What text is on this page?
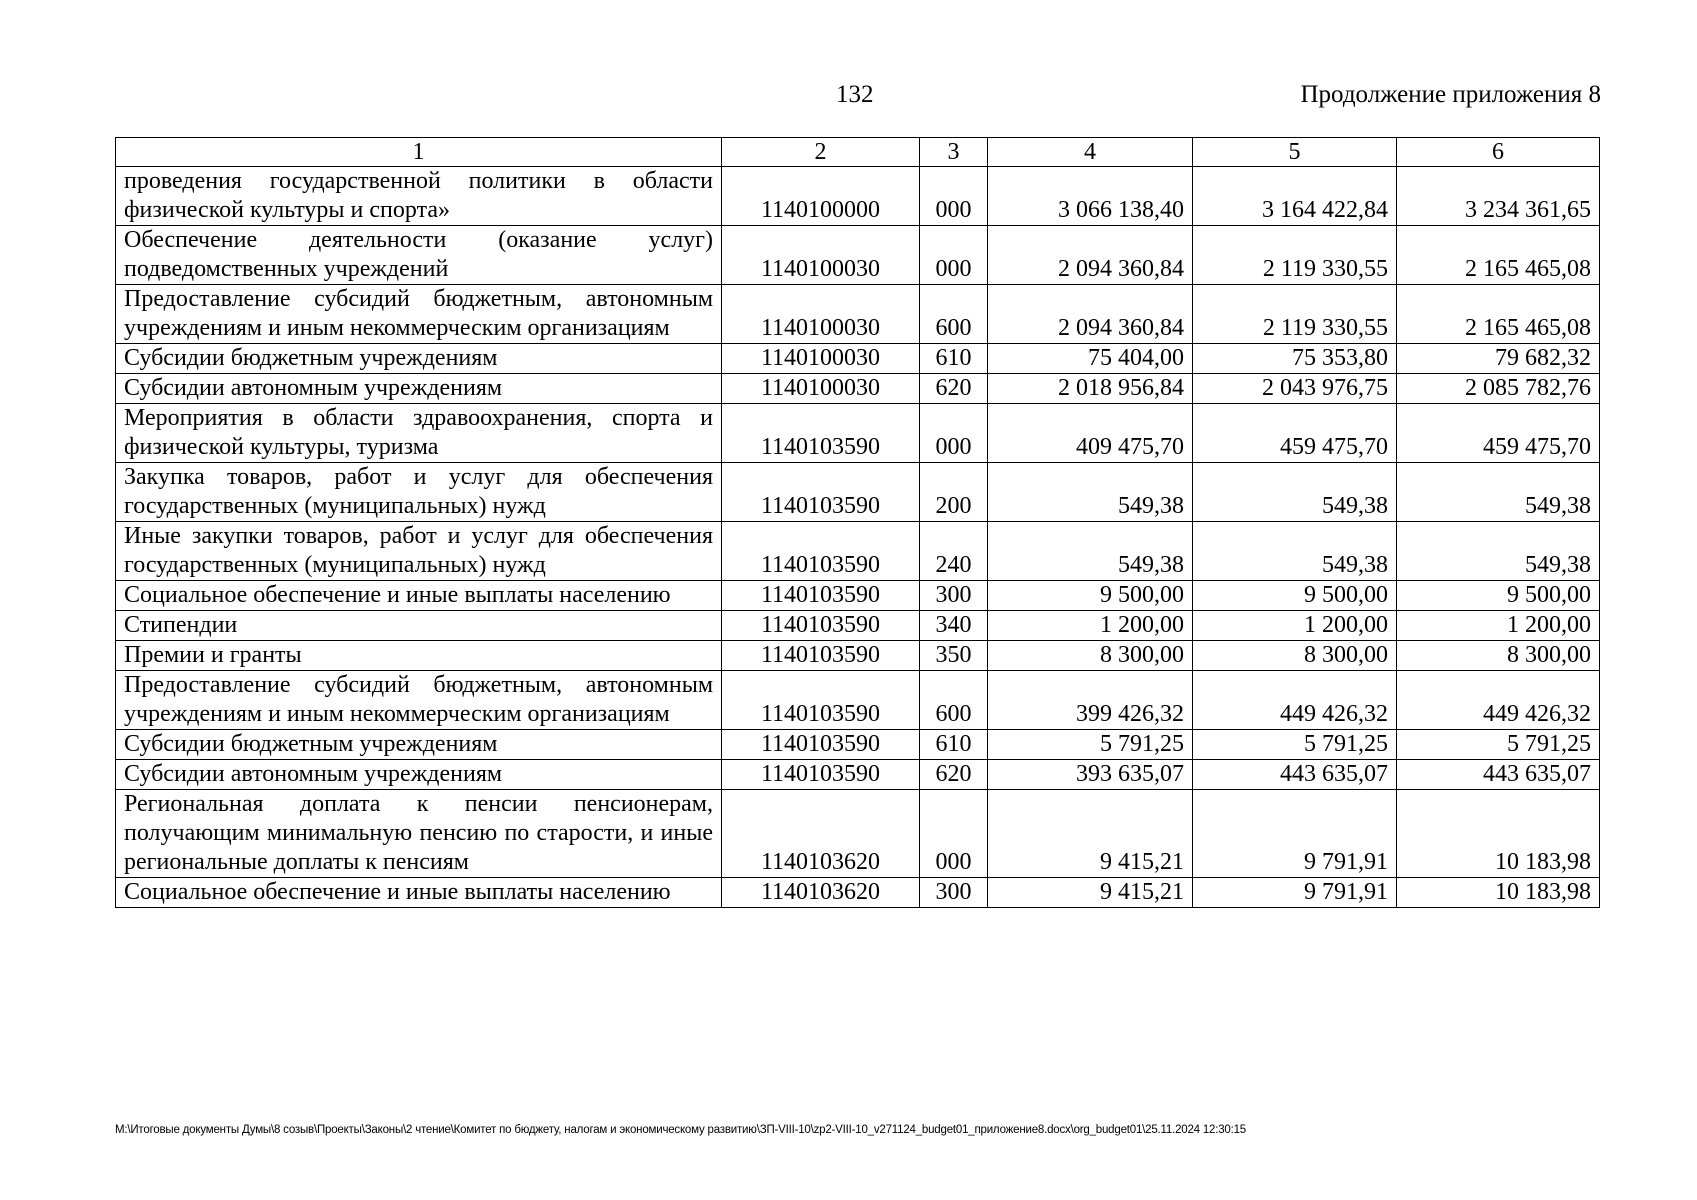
132	Продолжение приложения 8
1	2	3	4	5	6
проведения государственной политики в области физической культуры и спорта»	1140100000	000	3 066 138,40	3 164 422,84	3 234 361,65
Обеспечение деятельности (оказание услуг) подведомственных учреждений	1140100030	000	2 094 360,84	2 119 330,55	2 165 465,08
Предоставление субсидий бюджетным, автономным учреждениям и иным некоммерческим организациям	1140100030	600	2 094 360,84	2 119 330,55	2 165 465,08
Субсидии бюджетным учреждениям	1140100030	610	75 404,00	75 353,80	79 682,32
Субсидии автономным учреждениям	1140100030	620	2 018 956,84	2 043 976,75	2 085 782,76
Мероприятия в области здравоохранения, спорта и физической культуры, туризма	1140103590	000	409 475,70	459 475,70	459 475,70
Закупка товаров, работ и услуг для обеспечения государственных (муниципальных) нужд	1140103590	200	549,38	549,38	549,38
Иные закупки товаров, работ и услуг для обеспечения государственных (муниципальных) нужд	1140103590	240	549,38	549,38	549,38
Социальное обеспечение и иные выплаты населению	1140103590	300	9 500,00	9 500,00	9 500,00
Стипендии	1140103590	340	1 200,00	1 200,00	1 200,00
Премии и гранты	1140103590	350	8 300,00	8 300,00	8 300,00
Предоставление субсидий бюджетным, автономным учреждениям и иным некоммерческим организациям	1140103590	600	399 426,32	449 426,32	449 426,32
Субсидии бюджетным учреждениям	1140103590	610	5 791,25	5 791,25	5 791,25
Субсидии автономным учреждениям	1140103590	620	393 635,07	443 635,07	443 635,07
Региональная доплата к пенсии пенсионерам, получающим минимальную пенсию по старости, и иные региональные доплаты к пенсиям	1140103620	000	9 415,21	9 791,91	10 183,98
Социальное обеспечение и иные выплаты населению	1140103620	300	9 415,21	9 791,91	10 183,98
M:\Итоговые документы Думы\8 созыв\Проекты\Законы\2 чтение\Комитет по бюджету, налогам и экономическому развитию\ЗП-VIII-10\zp2-VIII-10_v271124_budget01_приложение8.docx\org_budget01\25.11.2024 12:30:15
